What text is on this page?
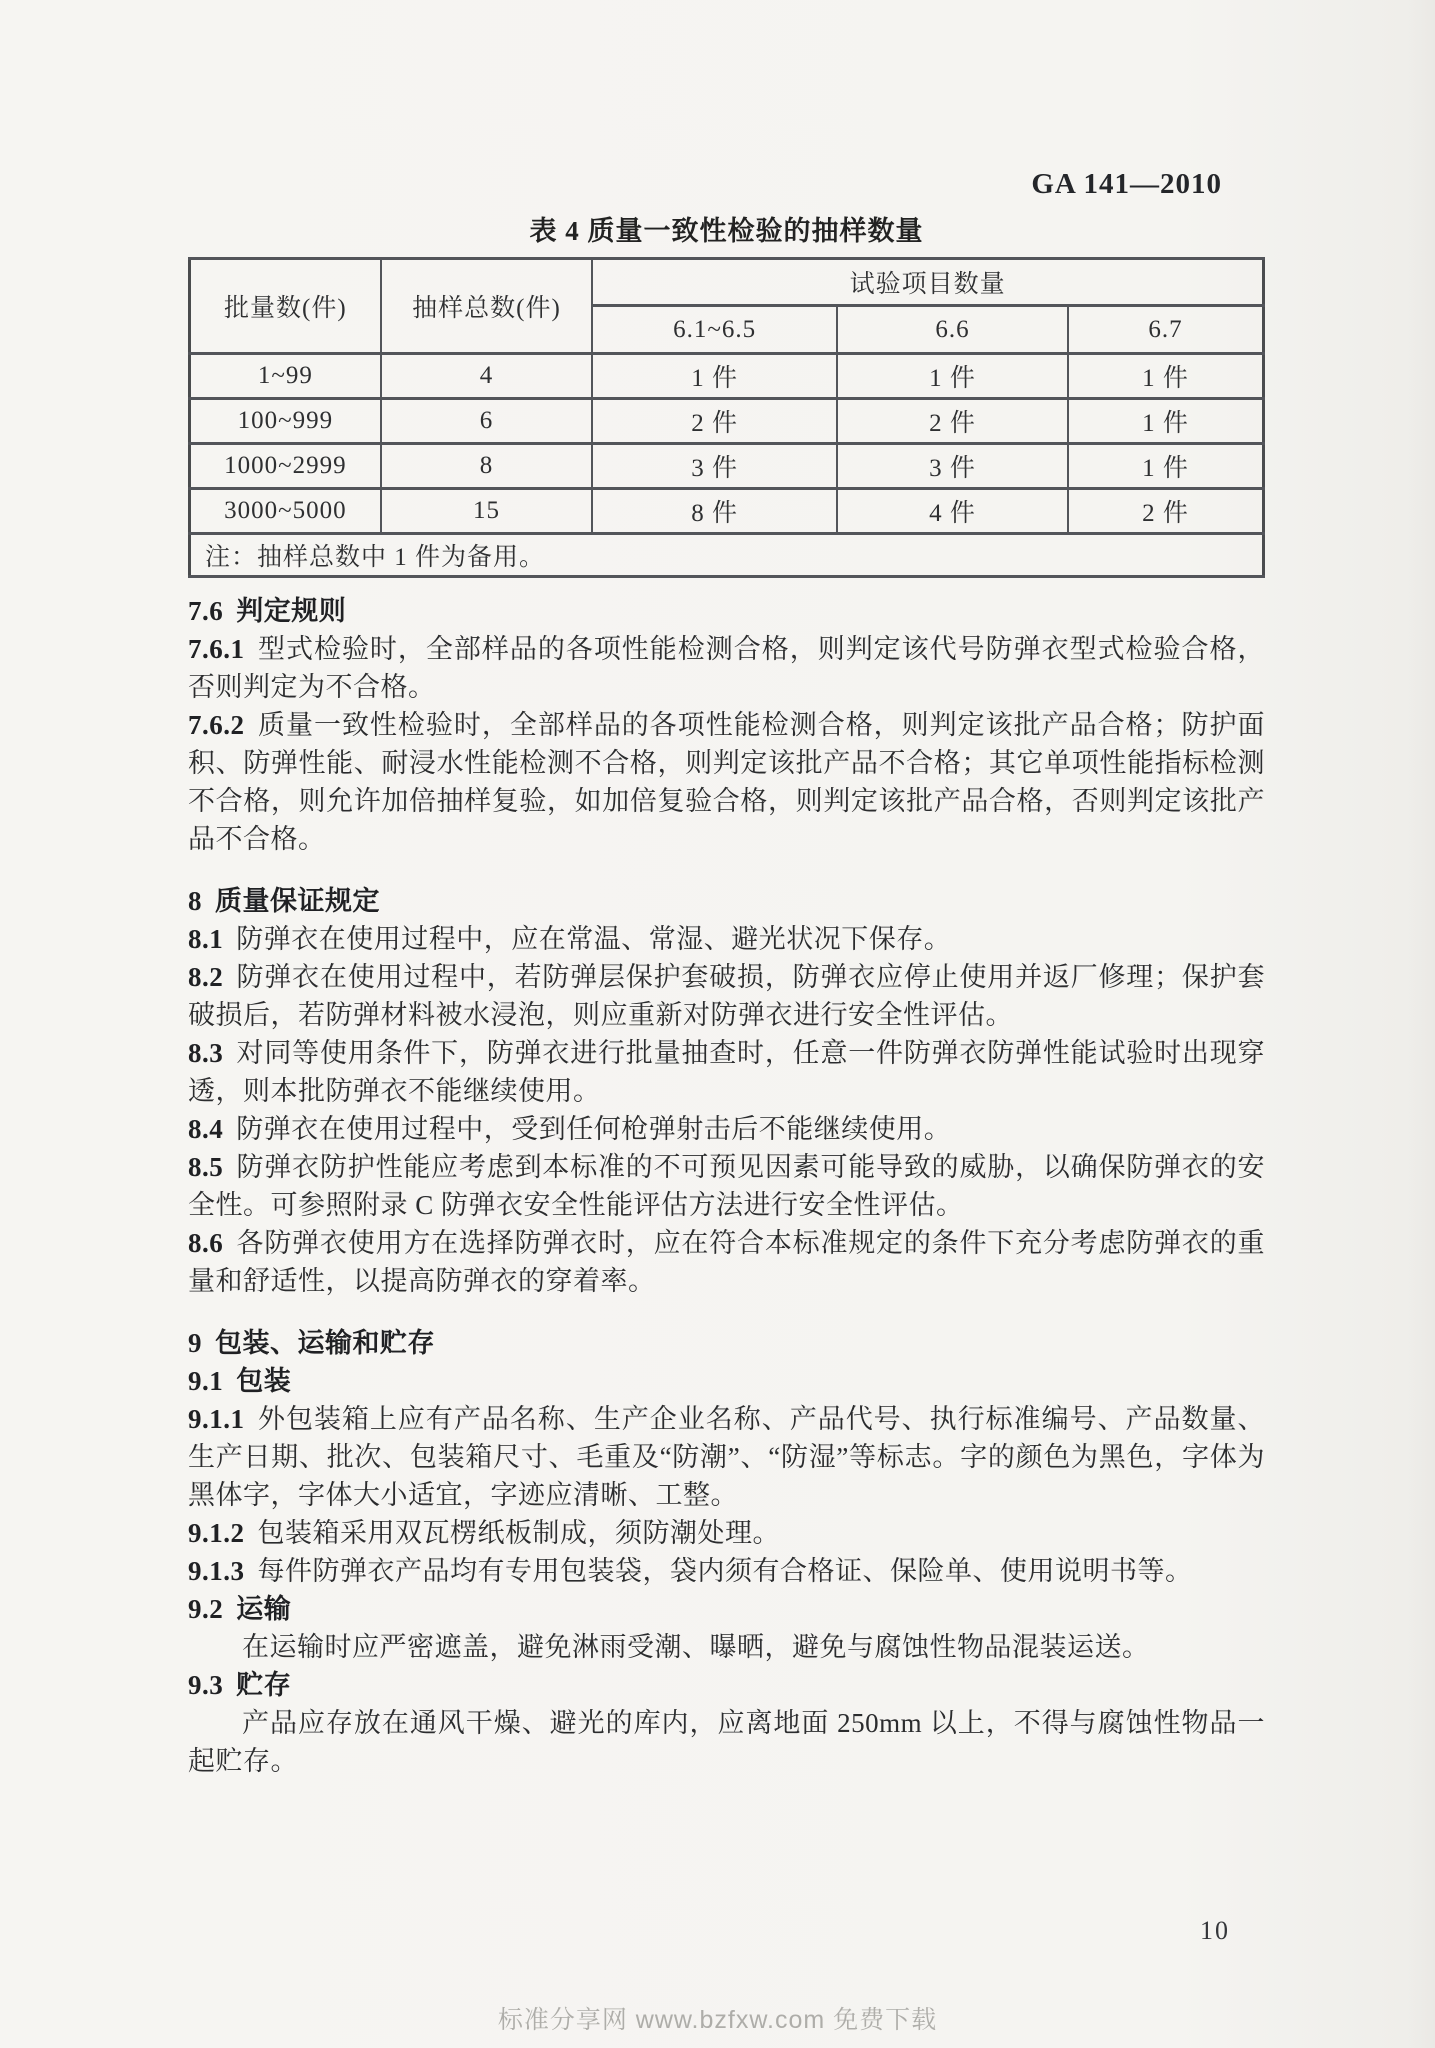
GA 141—2010
表 4 质量一致性检验的抽样数量
批量数(件)	抽样总数(件)	试验项目数量		
		6.1~6.5	6.6	6.7
1~99	4	1 件	1 件	1 件
100~999	6	2 件	2 件	1 件
1000~2999	8	3 件	3 件	1 件
3000~5000	15	8 件	4 件	2 件
注：抽样总数中 1 件为备用。				
7.6 判定规则

7.6.1 型式检验时，全部样品的各项性能检测合格，则判定该代号防弹衣型式检验合格，否则判定为不合格。

7.6.2 质量一致性检验时，全部样品的各项性能检测合格，则判定该批产品合格；防护面积、防弹性能、耐浸水性能检测不合格，则判定该批产品不合格；其它单项性能指标检测不合格，则允许加倍抽样复验，如加倍复验合格，则判定该批产品合格，否则判定该批产品不合格。

8 质量保证规定

8.1 防弹衣在使用过程中，应在常温、常湿、避光状况下保存。

8.2 防弹衣在使用过程中，若防弹层保护套破损，防弹衣应停止使用并返厂修理；保护套破损后，若防弹材料被水浸泡，则应重新对防弹衣进行安全性评估。

8.3 对同等使用条件下，防弹衣进行批量抽查时，任意一件防弹衣防弹性能试验时出现穿透，则本批防弹衣不能继续使用。

8.4 防弹衣在使用过程中，受到任何枪弹射击后不能继续使用。

8.5 防弹衣防护性能应考虑到本标准的不可预见因素可能导致的威胁，以确保防弹衣的安全性。可参照附录 C 防弹衣安全性能评估方法进行安全性评估。

8.6 各防弹衣使用方在选择防弹衣时，应在符合本标准规定的条件下充分考虑防弹衣的重量和舒适性，以提高防弹衣的穿着率。

9 包装、运输和贮存
9.1 包装

9.1.1 外包装箱上应有产品名称、生产企业名称、产品代号、执行标准编号、产品数量、生产日期、批次、包装箱尺寸、毛重及“防潮”、“防湿”等标志。字的颜色为黑色，字体为黑体字，字体大小适宜，字迹应清晰、工整。

9.1.2 包装箱采用双瓦楞纸板制成，须防潮处理。

9.1.3 每件防弹衣产品均有专用包装袋，袋内须有合格证、保险单、使用说明书等。

9.2 运输

在运输时应严密遮盖，避免淋雨受潮、曝晒，避免与腐蚀性物品混装运送。

9.3 贮存

产品应存放在通风干燥、避光的库内，应离地面 250mm 以上，不得与腐蚀性物品一起贮存。

10
标准分享网 www.bzfxw.com 免费下载
